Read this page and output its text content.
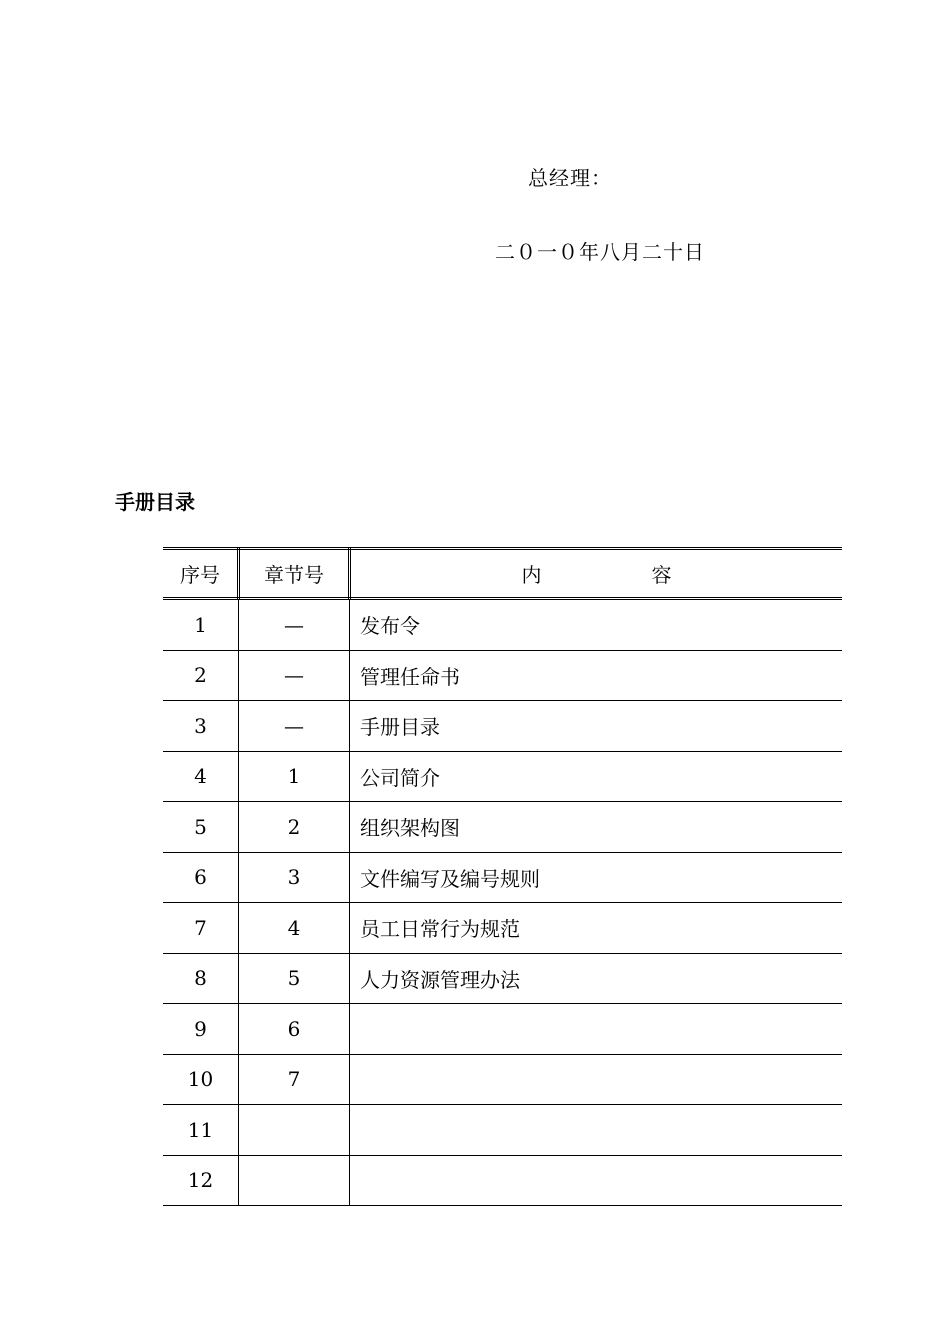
总经理：
二０一０年八月二十日
手册目录
序号	章节号	内 容
1	—	发布令
2	—	管理任命书
3	—	手册目录
4	1	公司简介
5	2	组织架构图
6	3	文件编写及编号规则
7	4	员工日常行为规范
8	5	人力资源管理办法
9	6	
10	7	
11		
12		
